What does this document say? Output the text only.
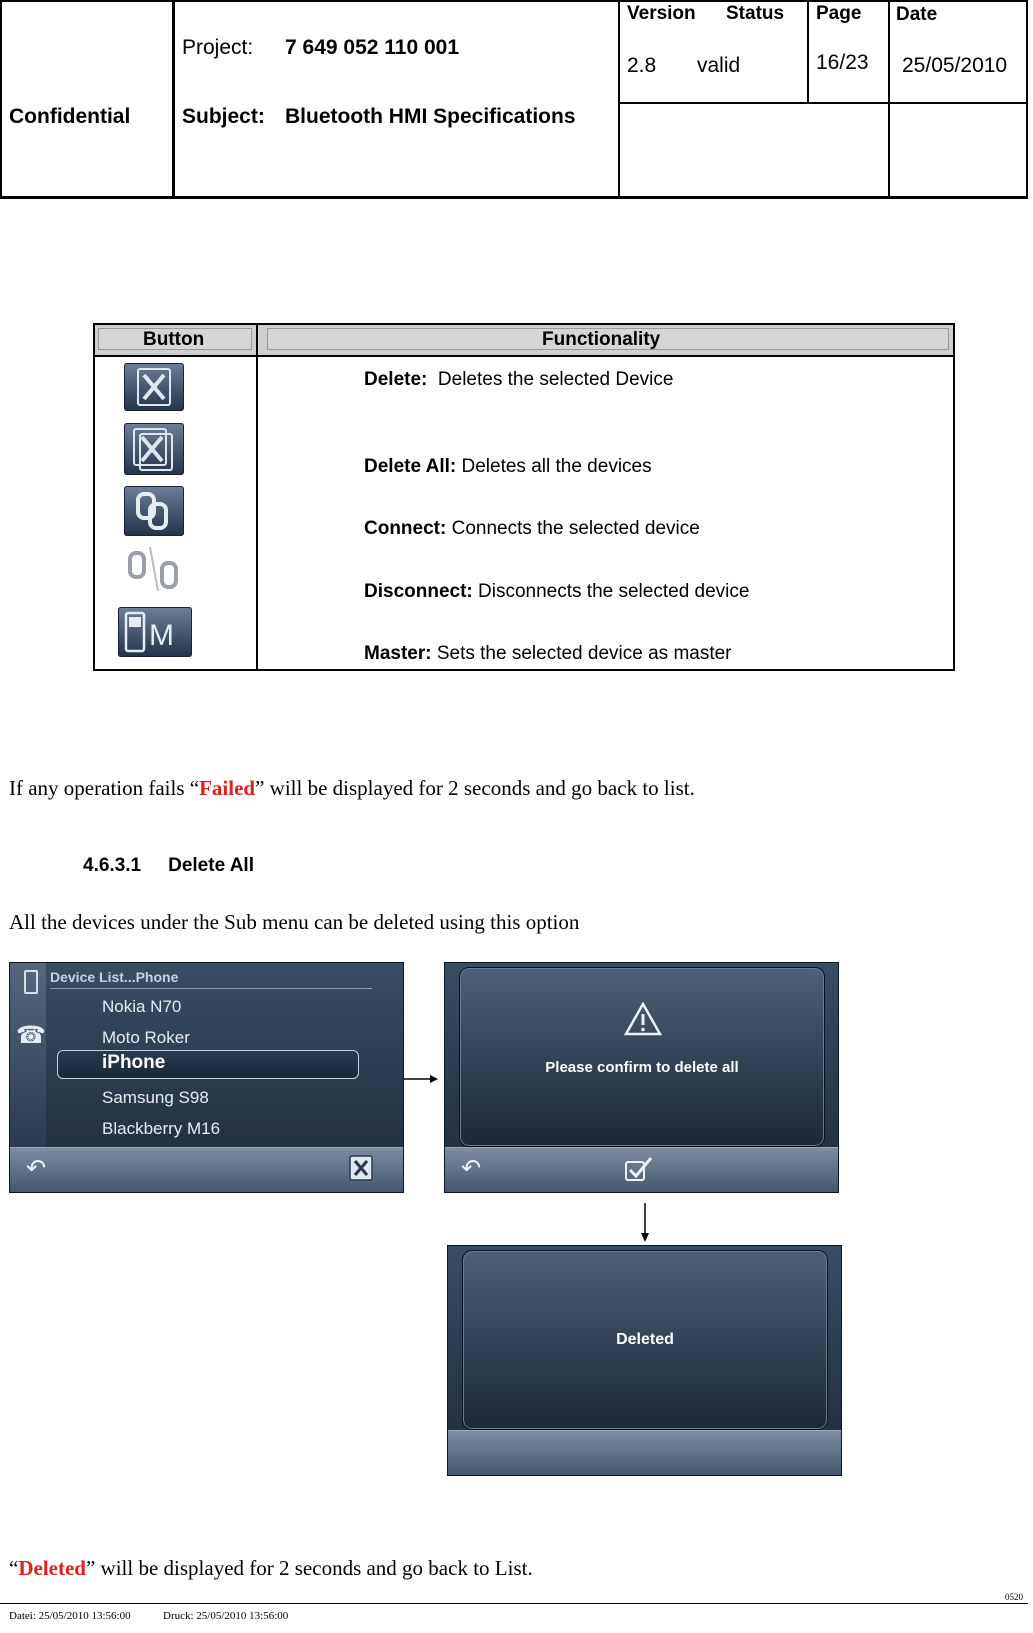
Confidential
Project: 7 649 052 110 001
Subject: Bluetooth HMI Specifications
Version Status
2.8 valid
Page
16/23
Date
25/05/2010
Button	Functionality
M
Delete: Deletes the selected Device
Delete All: Deletes all the devices
Connect: Connects the selected device
Disconnect: Disconnects the selected device
Master: Sets the selected device as master
If any operation fails “Failed” will be displayed for 2 seconds and go back to list.
4.6.3.1 Delete All
All the devices under the Sub menu can be deleted using this option
Device List...Phone
☎
Nokia N70
Moto Roker
iPhone
Samsung S98
Blackberry M16
↶
Please confirm to delete all
↶
Deleted
“Deleted” will be displayed for 2 seconds and go back to List.
0520
Datei: 25/05/2010 13:56:00	Druck: 25/05/2010 13:56:00
